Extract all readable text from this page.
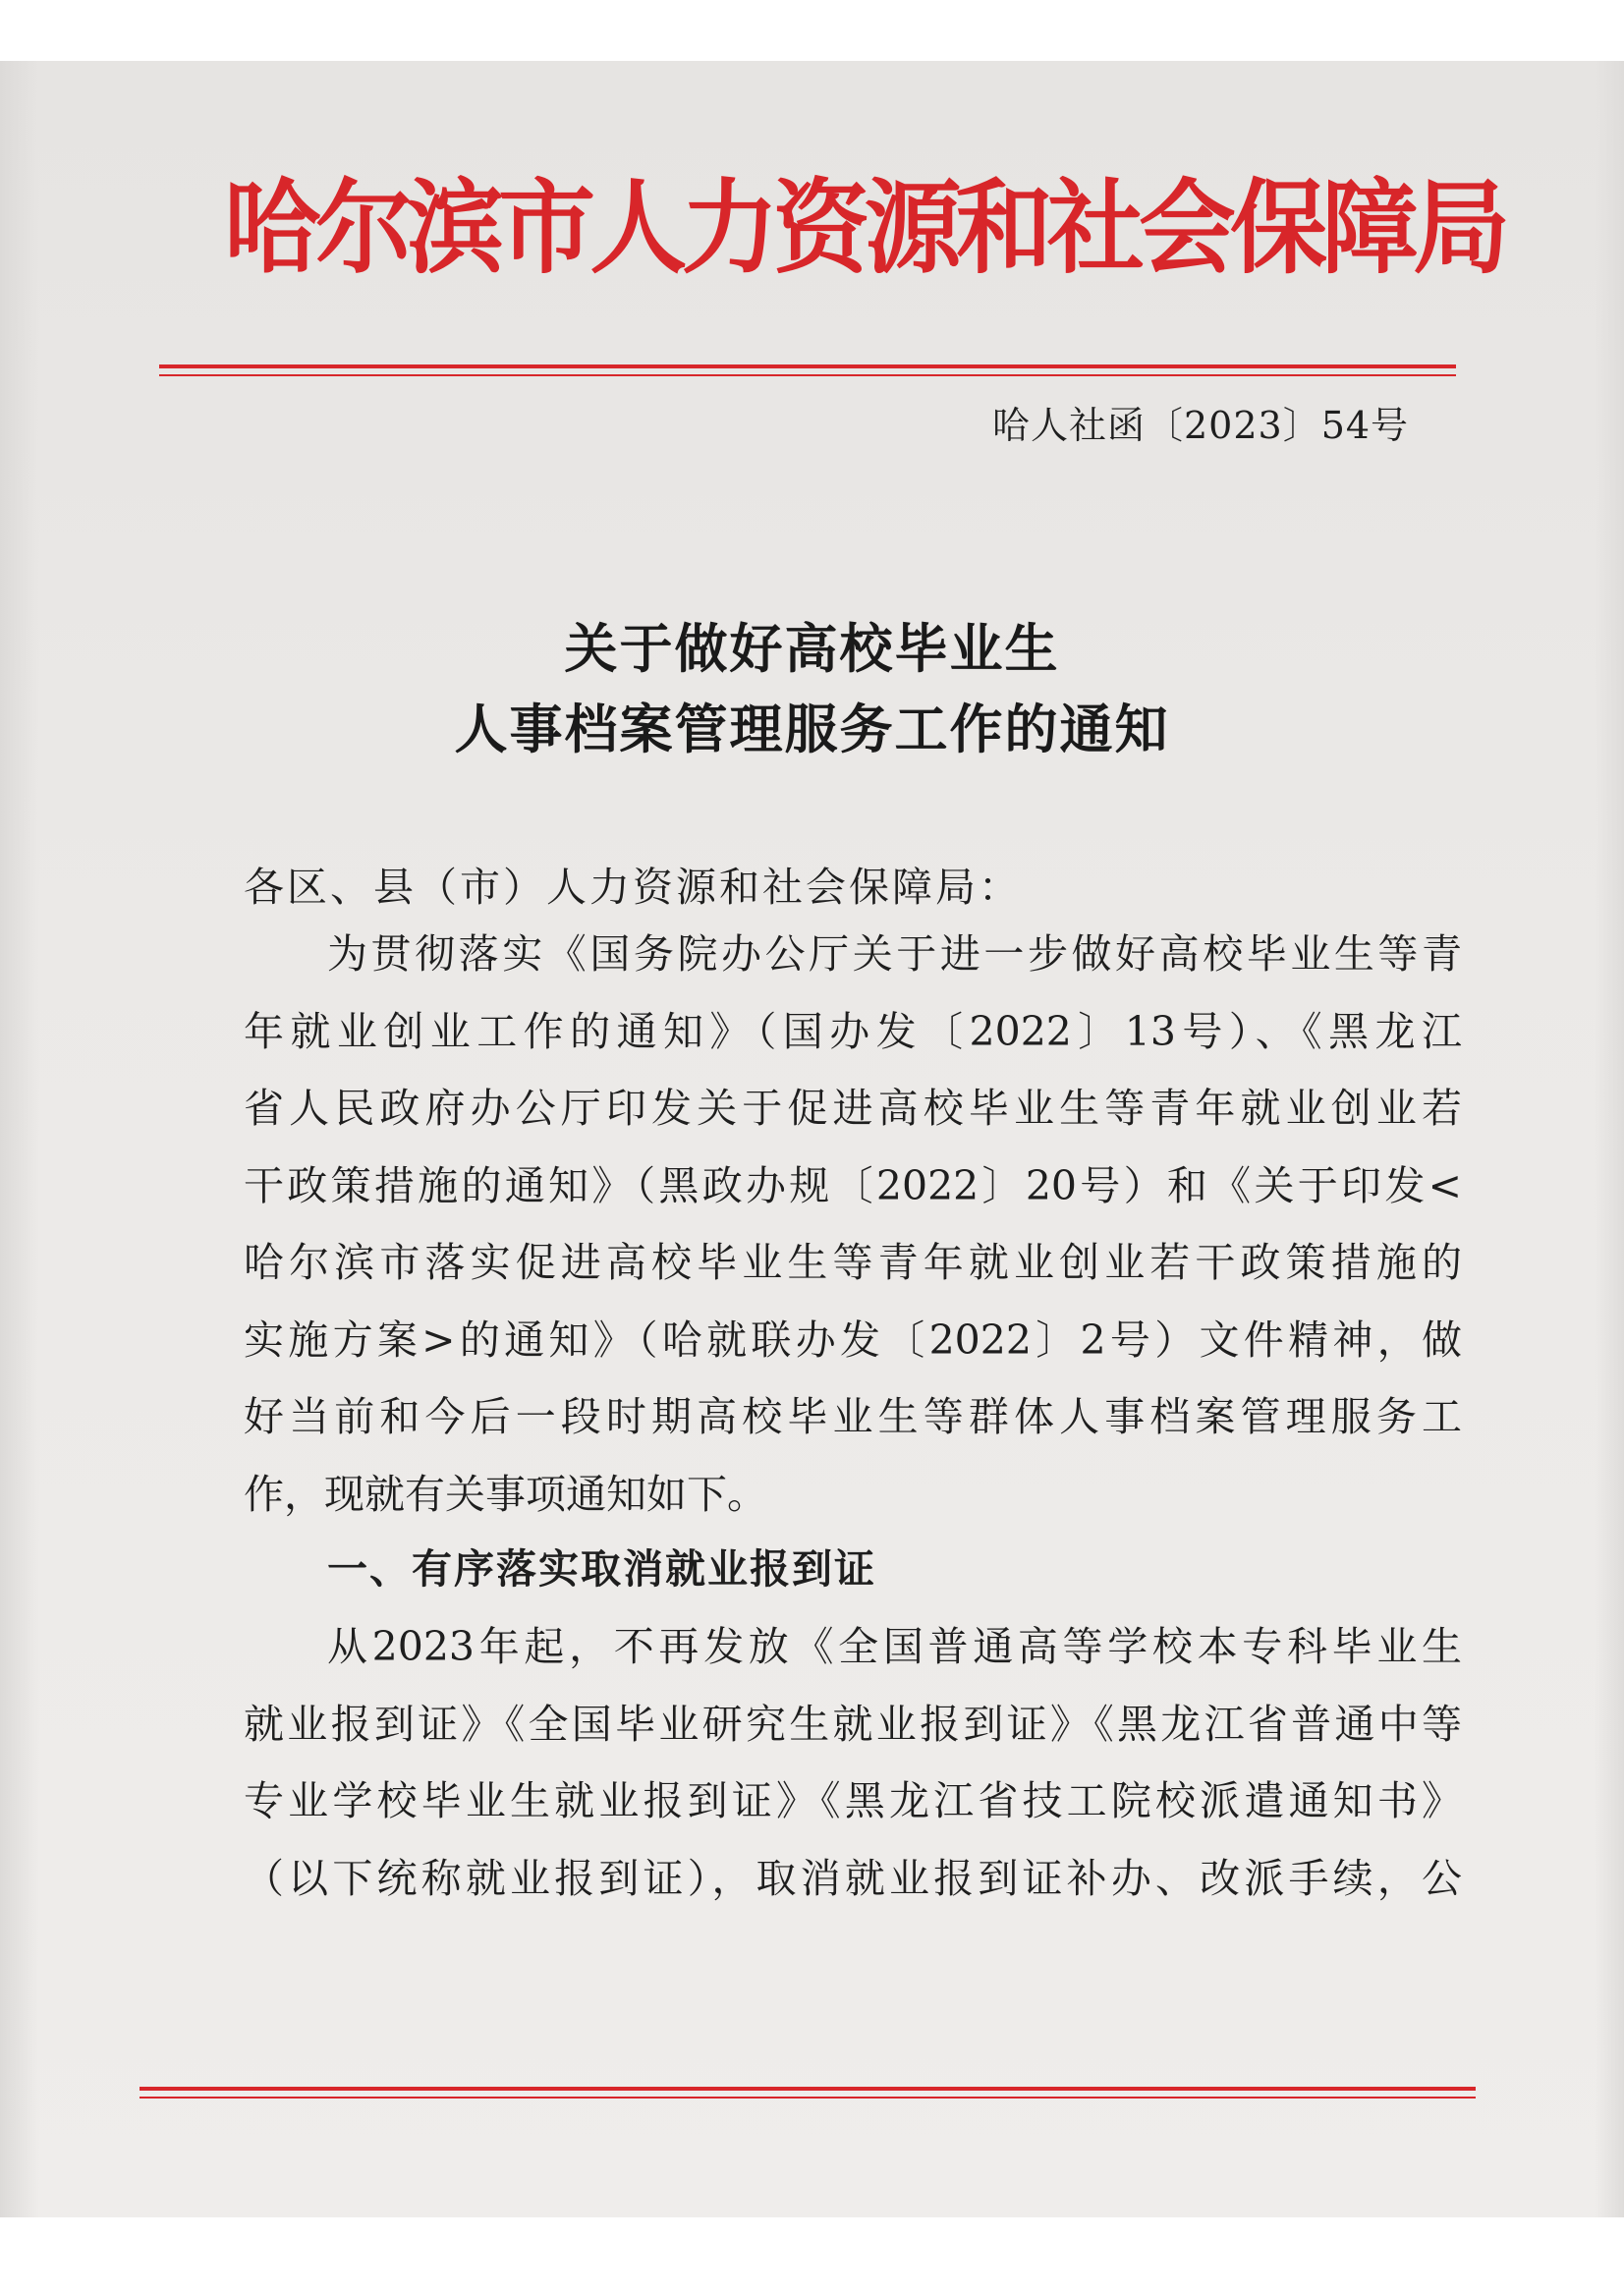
哈尔滨市人力资源和社会保障局
哈人社函〔2023〕54号
关于做好高校毕业生
人事档案管理服务工作的通知
各区、县（市）人力资源和社会保障局：
为贯彻落实《国务院办公厅关于进一步做好高校毕业生等青
年就业创业工作的通知》（国办发〔2022〕13号）、《黑龙江
省人民政府办公厅印发关于促进高校毕业生等青年就业创业若
干政策措施的通知》（黑政办规〔2022〕20号）和《关于印发<
哈尔滨市落实促进高校毕业生等青年就业创业若干政策措施的
实施方案>的通知》（哈就联办发〔2022〕2号）文件精神，做
好当前和今后一段时期高校毕业生等群体人事档案管理服务工
作，现就有关事项通知如下。
一、有序落实取消就业报到证
从2023年起，不再发放《全国普通高等学校本专科毕业生
就业报到证》《全国毕业研究生就业报到证》《黑龙江省普通中等
专业学校毕业生就业报到证》《黑龙江省技工院校派遣通知书》
（以下统称就业报到证），取消就业报到证补办、改派手续，公
